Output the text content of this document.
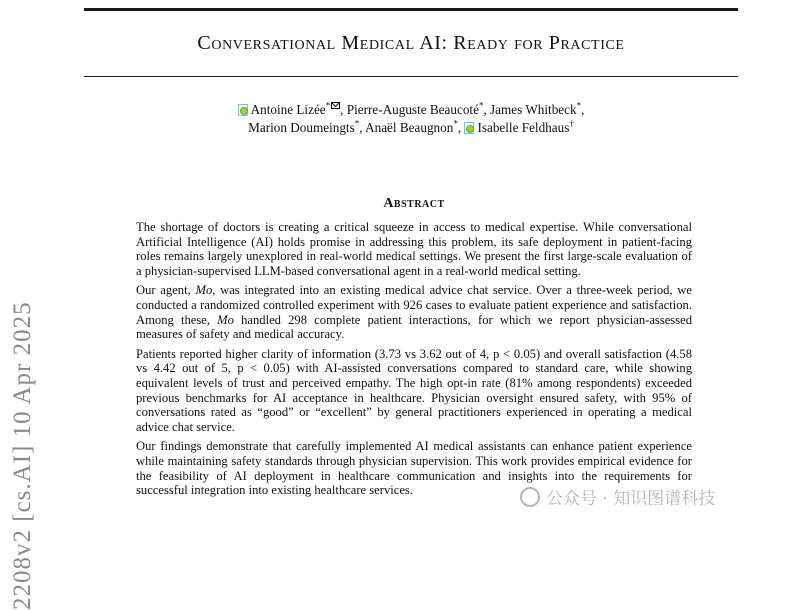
Conversational Medical AI: Ready for Practice
Antoine Lizée* , Pierre-Auguste Beaucoté*, James Whitbeck*,
Marion Doumeingts*, Anaël Beaugnon*, Isabelle Feldhaus†
Abstract

The shortage of doctors is creating a critical squeeze in access to medical expertise. While conversational Artificial Intelligence (AI) holds promise in addressing this problem, its safe deployment in patient-facing roles remains largely unexplored in real-world medical settings. We present the first large-scale evaluation of a physician-supervised LLM-based conversational agent in a real-world medical setting.

Our agent, Mo, was integrated into an existing medical advice chat service. Over a three-week period, we conducted a randomized controlled experiment with 926 cases to evaluate patient experience and satisfaction. Among these, Mo handled 298 complete patient interactions, for which we report physician-assessed measures of safety and medical accuracy.

Patients reported higher clarity of information (3.73 vs 3.62 out of 4, p < 0.05) and overall satisfaction (4.58 vs 4.42 out of 5, p < 0.05) with AI-assisted conversations compared to standard care, while showing equivalent levels of trust and perceived empathy. The high opt-in rate (81% among respondents) exceeded previous benchmarks for AI acceptance in healthcare. Physician oversight ensured safety, with 95% of conversations rated as “good” or “excellent” by general practitioners experienced in operating a medical advice chat service.

Our findings demonstrate that carefully implemented AI medical assistants can enhance patient experience while maintaining safety standards through physician supervision. This work provides empirical evidence for the feasibility of AI deployment in healthcare communication and insights into the requirements for successful integration into existing healthcare services.

2208v2 [cs.AI] 10 Apr 2025	公众号 · 知识图谱科技
